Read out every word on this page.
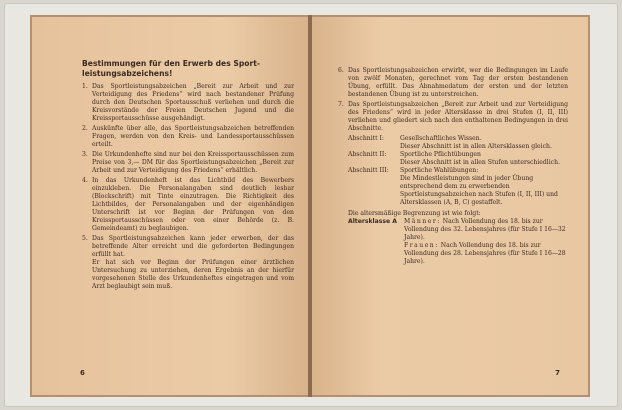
Bestimmungen für den Erwerb des Sport-
leistungsabzeichens!
1. Das Sportleistungsabzeichen „Bereit zur Arbeit und zur Verteidigung des Friedens“ wird nach bestandener Prüfung durch den Deutschen Sportausschuß verliehen und durch die Kreisvorstände der Freien Deutschen Jugend und die Kreissportausschüsse ausgehändigt.
2. Auskünfte über alle, das Sportleistungsabzeichen betreffenden Fragen, werden von den Kreis- und Landessportausschüssen erteilt.
3. Die Urkundenhefte sind nur bei den Kreissportausschüssen zum Preise von 3,— DM für das Sportleistungsabzeichen „Bereit zur Arbeit und zur Verteidigung des Friedens“ erhältlich.
4. In das Urkundenheft ist das Lichtbild des Bewerbers einzukleben. Die Personalangaben sind deutlich lesbar (Blockschrift) mit Tinte einzutragen. Die Richtigkeit des Lichtbildes, der Personalangaben und der eigenhändigen Unterschrift ist vor Beginn der Prüfungen von den Kreissportausschüssen oder von einer Behörde (z. B. Gemeindeamt) zu beglaubigen.
5. Das Sportleistungsabzeichen kann jeder erwerben, der das betreffende Alter erreicht und die geforderten Bedingungen erfüllt hat.

Er hat sich vor Beginn der Prüfungen einer ärztlichen Untersuchung zu unterziehen, deren Ergebnis an der hierfür vorgesehenen Stelle des Urkundenheftes eingetragen und vom Arzt beglaubigt sein muß.

6
6. Das Sportleistungsabzeichen erwirbt, wer die Bedingungen im Laufe von zwölf Monaten, gerechnet vom Tag der ersten bestandenen Übung, erfüllt. Das Abnahmedatum der ersten und der letzten bestandenen Übung ist zu unterstreichen.
7. Das Sportleistungsabzeichen „Bereit zur Arbeit und zur Verteidigung des Friedens“ wird in jeder Altersklasse in drei Stufen (I, II, III) verliehen und gliedert sich nach den enthaltenen Bedingungen in drei Abschnitte.
Abschnitt I:	Gesellschaftliches Wissen.
Dieser Abschnitt ist in allen Altersklassen gleich.
Abschnitt II:	Sportliche Pflichtübungen
Dieser Abschnitt ist in allen Stufen unterschiedlich.
Abschnitt III:	Sportliche Wahlübungen:
Die Mindestleistungen sind in jeder Übung entsprechend dem zu erwerbenden Sportleistungsabzeichen nach Stufen (I, II, III) und Altersklassen (A, B, C) gestaffelt.
Die altersmäßige Begrenzung ist wie folgt:
Altersklasse A	Männer: Nach Vollendung des 18. bis zur Vollendung des 32. Lebensjahres (für Stufe I 16—32 Jahre).
Frauen: Nach Vollendung des 18. bis zur Vollendung des 28. Lebensjahres (für Stufe I 16—28 Jahre).
7
